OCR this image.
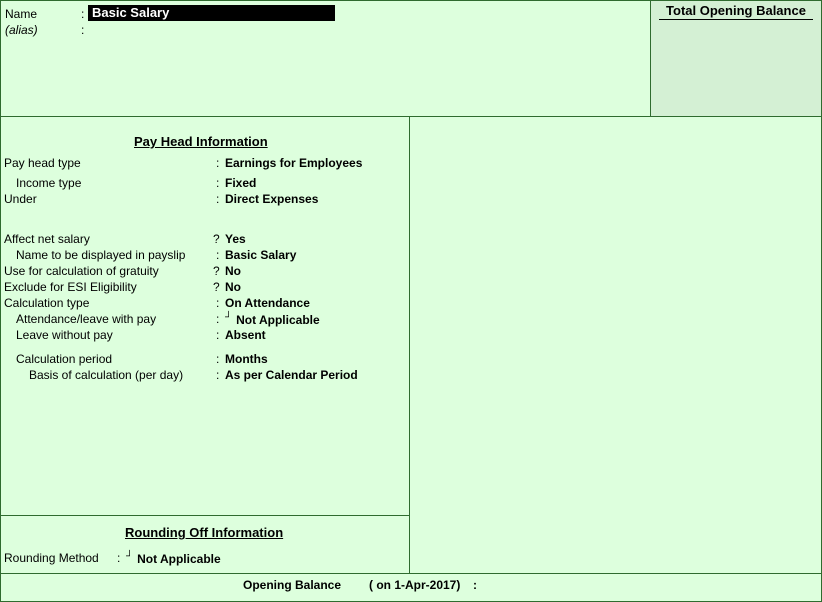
Name	: Basic Salary
(alias)	:
Total Opening Balance
Pay Head Information
Pay head type	: Earnings for Employees
Income type	: Fixed
Under	: Direct Expenses
Affect net salary	? Yes
Name to be displayed in payslip	: Basic Salary
Use for calculation of gratuity	? No
Exclude for ESI Eligibility	? No
Calculation type	: On Attendance
Attendance/leave with pay	: ┘ Not Applicable
Leave without pay	: Absent
Calculation period	: Months
Basis of calculation (per day)	: As per Calendar Period
Rounding Off Information
Rounding Method : ┘ Not Applicable
Opening Balance ( on 1-Apr-2017) :
